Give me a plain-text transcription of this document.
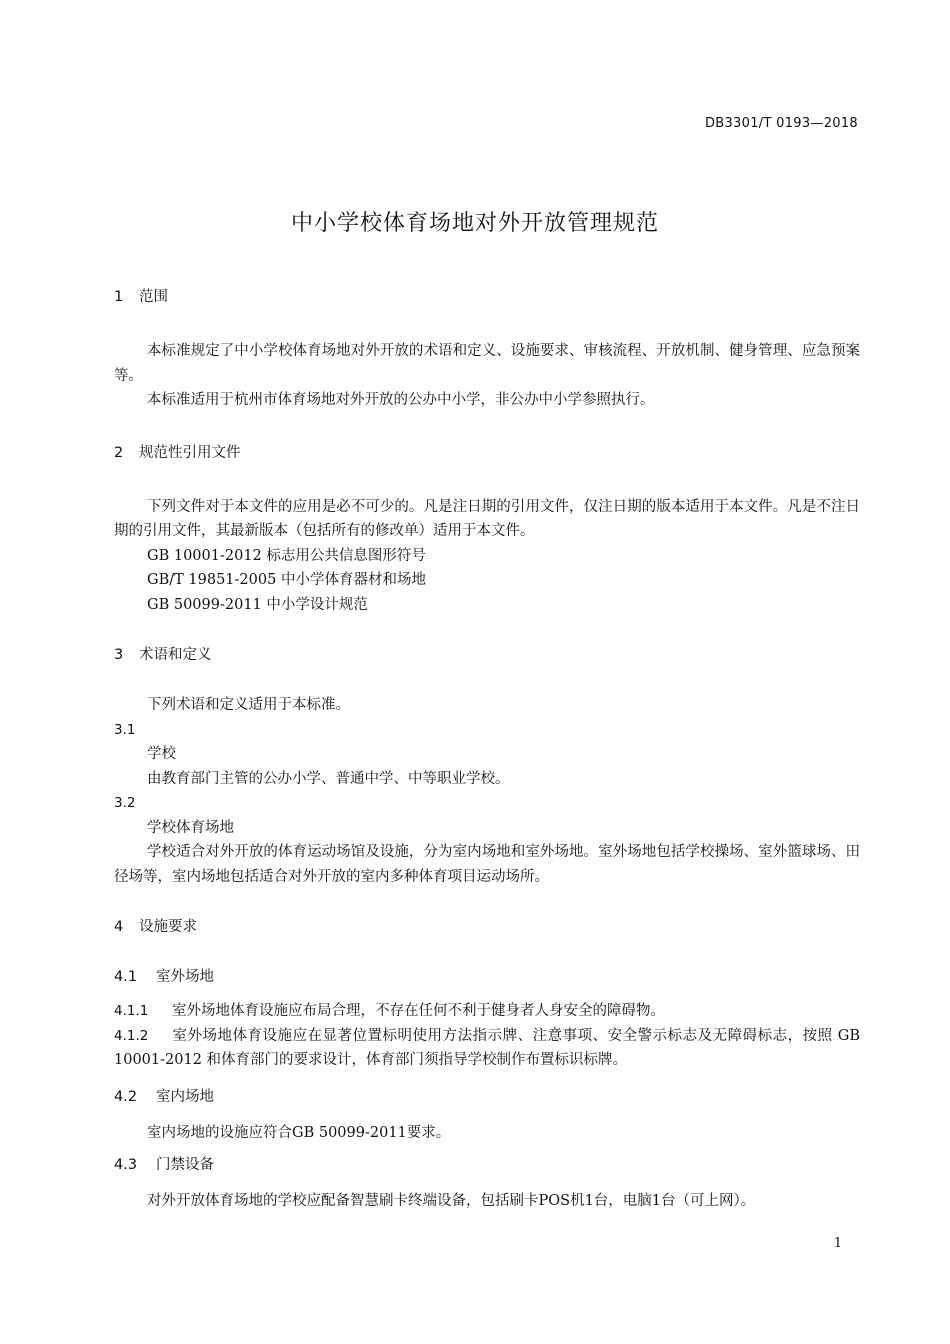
DB3301/T 0193—2018
中小学校体育场地对外开放管理规范
1 范围

本标准规定了中小学校体育场地对外开放的术语和定义、设施要求、审核流程、开放机制、健身管理、应急预案等。

本标准适用于杭州市体育场地对外开放的公办中小学，非公办中小学参照执行。

2 规范性引用文件

下列文件对于本文件的应用是必不可少的。凡是注日期的引用文件，仅注日期的版本适用于本文件。凡是不注日期的引用文件，其最新版本（包括所有的修改单）适用于本文件。

GB 10001-2012 标志用公共信息图形符号

GB/T 19851-2005 中小学体育器材和场地

GB 50099-2011 中小学设计规范

3 术语和定义

下列术语和定义适用于本标准。

3.1
学校

由教育部门主管的公办小学、普通中学、中等职业学校。

3.2
学校体育场地

学校适合对外开放的体育运动场馆及设施，分为室内场地和室外场地。室外场地包括学校操场、室外篮球场、田径场等，室内场地包括适合对外开放的室内多种体育项目运动场所。

4 设施要求
4.1 室外场地

4.1.1 室外场地体育设施应布局合理，不存在任何不利于健身者人身安全的障碍物。

4.1.2 室外场地体育设施应在显著位置标明使用方法指示牌、注意事项、安全警示标志及无障碍标志，按照 GB 10001-2012 和体育部门的要求设计，体育部门须指导学校制作布置标识标牌。

4.2 室内场地

室内场地的设施应符合GB 50099-2011要求。

4.3 门禁设备

对外开放体育场地的学校应配备智慧刷卡终端设备，包括刷卡POS机1台，电脑1台（可上网）。

1
